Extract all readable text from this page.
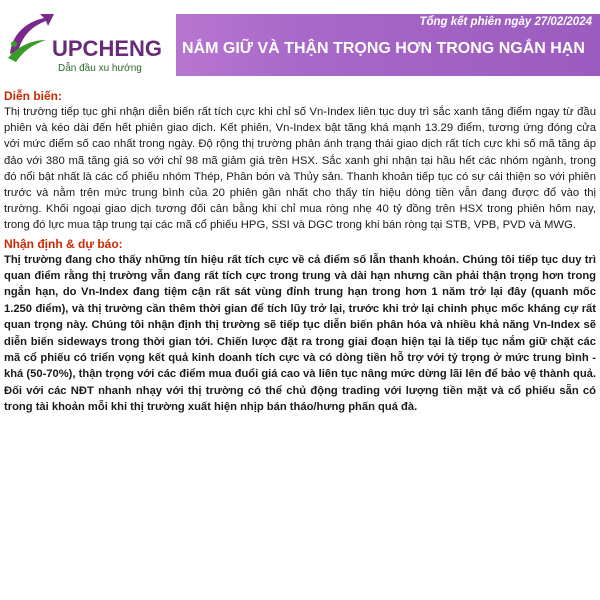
UPCHENG
Dẫn đầu xu hướng
Tổng kết phiên ngày 27/02/2024
NẮM GIỮ VÀ THẬN TRỌNG HƠN TRONG NGẮN HẠN

Diễn biến:

Thị trường tiếp tục ghi nhận diễn biến rất tích cực khi chỉ số Vn-Index liên tục duy trì sắc xanh tăng điểm ngay từ đầu phiên và kéo dài đến hết phiên giao dịch. Kết phiên, Vn-Index bật tăng khá mạnh 13.29 điểm, tương ứng đóng cửa với mức điểm số cao nhất trong ngày. Độ rộng thị trường phản ánh trạng thái giao dịch rất tích cực khi số mã tăng áp đảo với 380 mã tăng giá so với chỉ 98 mã giảm giá trên HSX. Sắc xanh ghi nhận tại hầu hết các nhóm ngành, trong đó nổi bật nhất là các cổ phiếu nhóm Thép, Phân bón và Thủy sản. Thanh khoản tiếp tục có sự cải thiện so với phiên trước và nằm trên mức trung bình của 20 phiên gần nhất cho thấy tín hiệu dòng tiền vẫn đang được đổ vào thị trường. Khối ngoại giao dịch tương đối cân bằng khi chỉ mua ròng nhẹ 40 tỷ đồng trên HSX trong phiên hôm nay, trong đó lực mua tập trung tại các mã cổ phiếu HPG, SSI và DGC trong khi bán ròng tại STB, VPB, PVD và MWG.

Nhận định & dự báo:

Thị trường đang cho thấy những tín hiệu rất tích cực về cả điểm số lẫn thanh khoản. Chúng tôi tiếp tục duy trì quan điểm rằng thị trường vẫn đang rất tích cực trong trung và dài hạn nhưng cần phải thận trọng hơn trong ngắn hạn, do Vn-Index đang tiệm cận rất sát vùng đỉnh trung hạn trong hơn 1 năm trở lại đây (quanh mốc 1.250 điểm), và thị trường cần thêm thời gian để tích lũy trở lại, trước khi trở lại chinh phục mốc kháng cự rất quan trọng này. Chúng tôi nhận định thị trường sẽ tiếp tục diễn biến phân hóa và nhiều khả năng Vn-Index sẽ diễn biến sideways trong thời gian tới. Chiến lược đặt ra trong giai đoạn hiện tại là tiếp tục nắm giữ chặt các mã cổ phiếu có triển vọng kết quả kinh doanh tích cực và có dòng tiền hỗ trợ với tỷ trọng ở mức trung bình - khá (50-70%), thận trọng với các điểm mua đuổi giá cao và liên tục nâng mức dừng lãi lên để bảo vệ thành quả. Đối với các NĐT nhanh nhạy với thị trường có thể chủ động trading với lượng tiền mặt và cổ phiếu sẵn có trong tài khoản mỗi khi thị trường xuất hiện nhịp bán tháo/hưng phấn quá đà.
